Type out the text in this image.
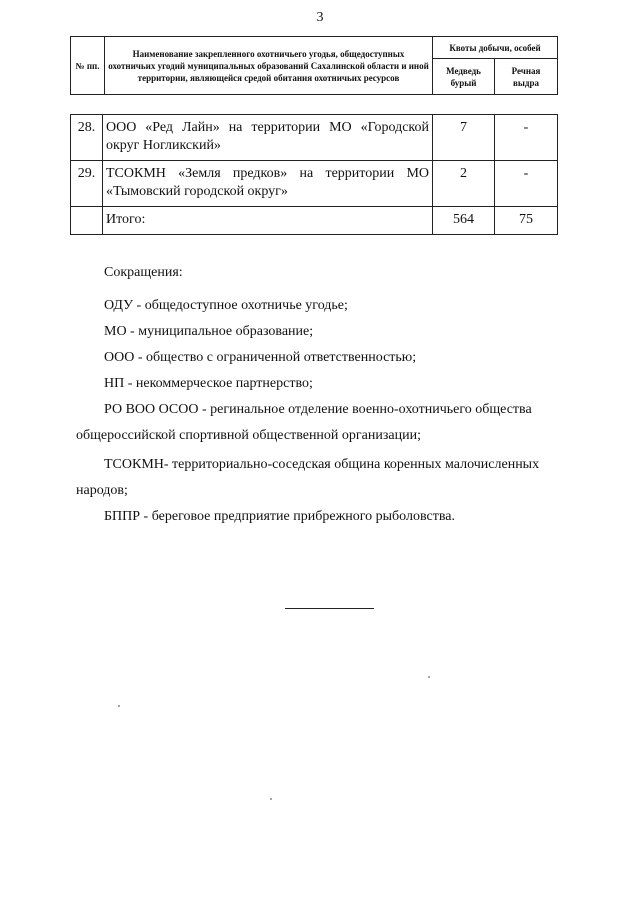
3
№ пп.	Наименование закрепленного охотничьего угодья, общедоступных охотничьих угодий муниципальных образований Сахалинской области и иной территории, являющейся средой обитания охотничьих ресурсов	Квоты добычи, особей	
		Медведь бурый	Речная выдра
28.	ООО «Ред Лайн» на территории МО «Городской округ Ногликский»	7	-
29.	ТСОКМН «Земля предков» на территории МО «Тымовский городской округ»	2	-
	Итого:	564	75
Сокращения:
ОДУ - общедоступное охотничье угодье;
МО - муниципальное образование;
ООО - общество с ограниченной ответственностью;
НП - некоммерческое партнерство;
РО ВОО ОСОО - регинальное отделение военно-охотничьего общества
общероссийской спортивной общественной организации;
ТСОКМН- территориально-соседская община коренных малочисленных
народов;
БППР - береговое предприятие прибрежного рыболовства.
